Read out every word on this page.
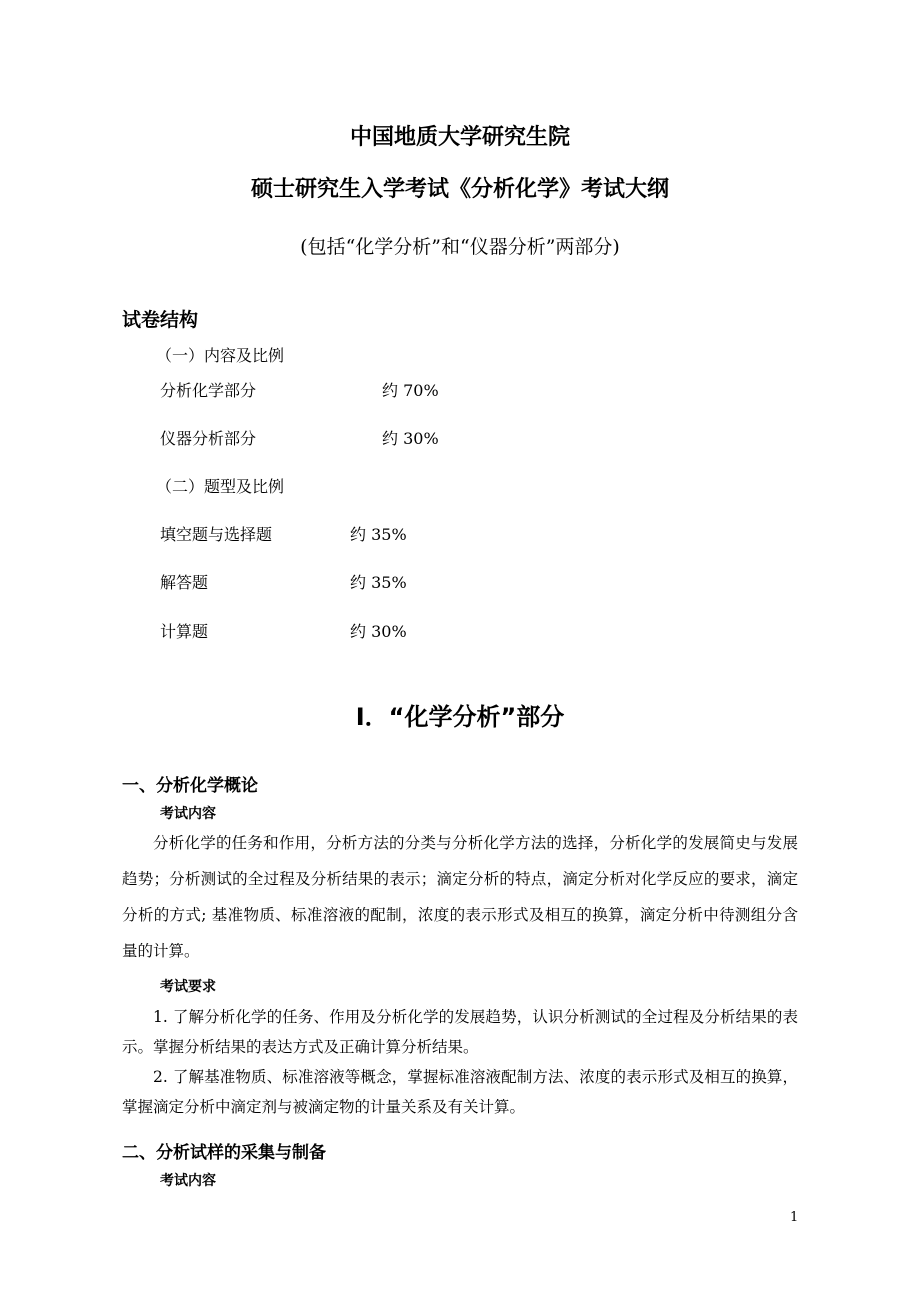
中国地质大学研究生院
硕士研究生入学考试《分析化学》考试大纲
(包括“化学分析”和“仪器分析”两部分)
试卷结构
（一）内容及比例
分析化学部分	约 70%
仪器分析部分	约 30%
（二）题型及比例
填空题与选择题	约 35%
解答题	约 35%
计算题	约 30%
I．“化学分析”部分
一、分析化学概论
考试内容
分析化学的任务和作用，分析方法的分类与分析化学方法的选择，分析化学的发展简史与发展趋势；分析测试的全过程及分析结果的表示；滴定分析的特点，滴定分析对化学反应的要求，滴定分析的方式; 基准物质、标准溶液的配制，浓度的表示形式及相互的换算，滴定分析中待测组分含量的计算。
考试要求
1. 了解分析化学的任务、作用及分析化学的发展趋势，认识分析测试的全过程及分析结果的表示。掌握分析结果的表达方式及正确计算分析结果。
2. 了解基准物质、标准溶液等概念，掌握标准溶液配制方法、浓度的表示形式及相互的换算，掌握滴定分析中滴定剂与被滴定物的计量关系及有关计算。
二、分析试样的采集与制备
考试内容
1
